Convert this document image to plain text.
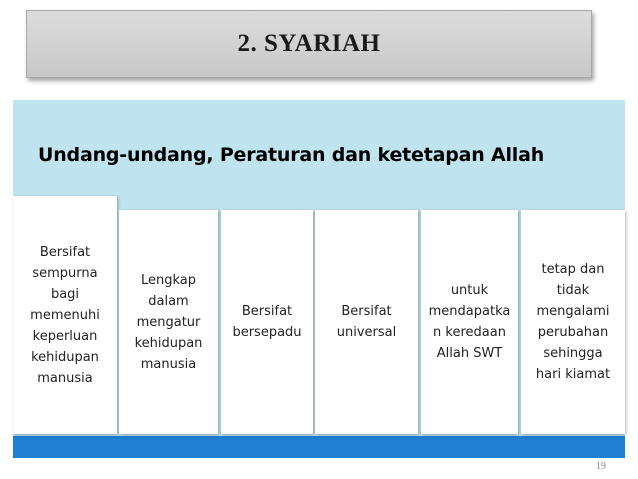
2. SYARIAH
Undang-undang, Peraturan dan ketetapan Allah
Bersifat
sempurna
bagi
memenuhi
keperluan
kehidupan
manusia
Lengkap
dalam
mengatur
kehidupan
manusia
Bersifat
bersepadu
Bersifat
universal
untuk
mendapatka
n keredaan
Allah SWT
tetap dan
tidak
mengalami
perubahan
sehingga
hari kiamat
19
